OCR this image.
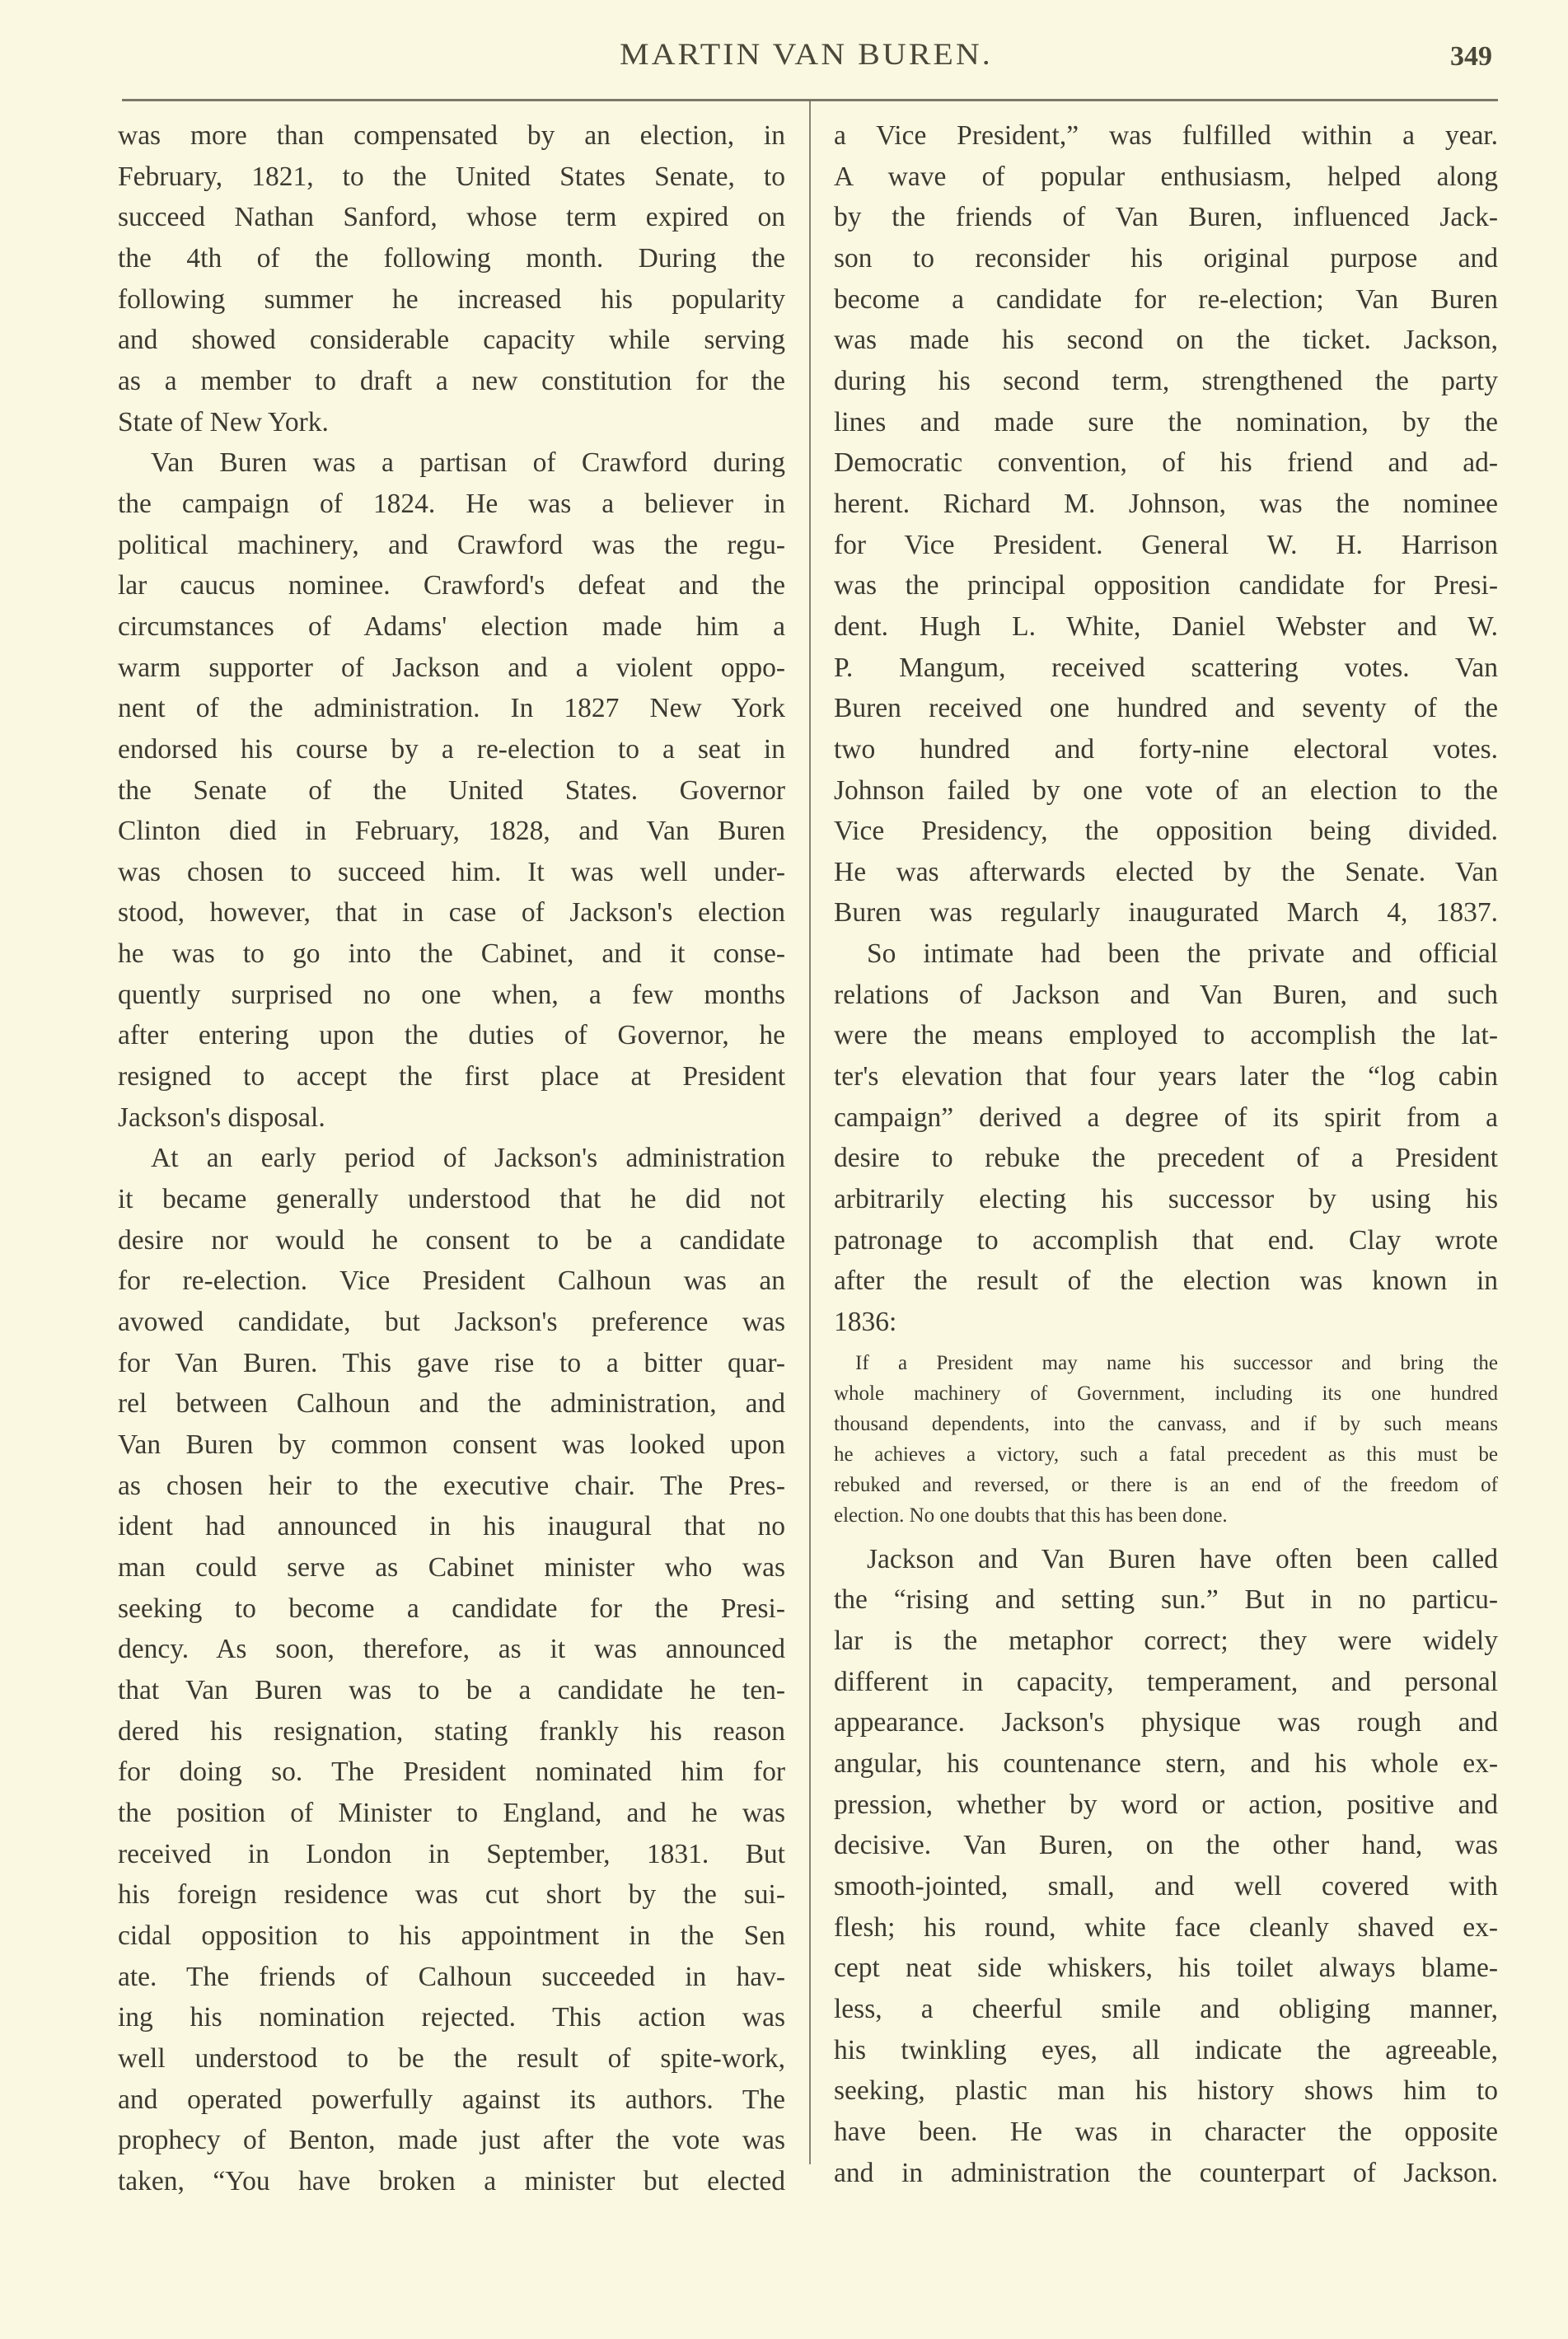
MARTIN VAN BUREN.	349
was more than compensated by an election, in
February, 1821, to the United States Senate, to
succeed Nathan Sanford, whose term expired on
the 4th of the following month. During the
following summer he increased his popularity
and showed considerable capacity while serving
as a member to draft a new constitution for the
State of New York.
Van Buren was a partisan of Crawford during
the campaign of 1824. He was a believer in
political machinery, and Crawford was the regu-
lar caucus nominee. Crawford's defeat and the
circumstances of Adams' election made him a
warm supporter of Jackson and a violent oppo-
nent of the administration. In 1827 New York
endorsed his course by a re-election to a seat in
the Senate of the United States. Governor
Clinton died in February, 1828, and Van Buren
was chosen to succeed him. It was well under-
stood, however, that in case of Jackson's election
he was to go into the Cabinet, and it conse-
quently surprised no one when, a few months
after entering upon the duties of Governor, he
resigned to accept the first place at President
Jackson's disposal.
At an early period of Jackson's administration
it became generally understood that he did not
desire nor would he consent to be a candidate
for re-election. Vice President Calhoun was an
avowed candidate, but Jackson's preference was
for Van Buren. This gave rise to a bitter quar-
rel between Calhoun and the administration, and
Van Buren by common consent was looked upon
as chosen heir to the executive chair. The Pres-
ident had announced in his inaugural that no
man could serve as Cabinet minister who was
seeking to become a candidate for the Presi-
dency. As soon, therefore, as it was announced
that Van Buren was to be a candidate he ten-
dered his resignation, stating frankly his reason
for doing so. The President nominated him for
the position of Minister to England, and he was
received in London in September, 1831. But
his foreign residence was cut short by the sui-
cidal opposition to his appointment in the Sen
ate. The friends of Calhoun succeeded in hav-
ing his nomination rejected. This action was
well understood to be the result of spite-work,
and operated powerfully against its authors. The
prophecy of Benton, made just after the vote was
taken, “You have broken a minister but elected
a Vice President,” was fulfilled within a year.
A wave of popular enthusiasm, helped along
by the friends of Van Buren, influenced Jack-
son to reconsider his original purpose and
become a candidate for re-election; Van Buren
was made his second on the ticket. Jackson,
during his second term, strengthened the party
lines and made sure the nomination, by the
Democratic convention, of his friend and ad-
herent. Richard M. Johnson, was the nominee
for Vice President. General W. H. Harrison
was the principal opposition candidate for Presi-
dent. Hugh L. White, Daniel Webster and W.
P. Mangum, received scattering votes. Van
Buren received one hundred and seventy of the
two hundred and forty-nine electoral votes.
Johnson failed by one vote of an election to the
Vice Presidency, the opposition being divided.
He was afterwards elected by the Senate. Van
Buren was regularly inaugurated March 4, 1837.
So intimate had been the private and official
relations of Jackson and Van Buren, and such
were the means employed to accomplish the lat-
ter's elevation that four years later the “log cabin
campaign” derived a degree of its spirit from a
desire to rebuke the precedent of a President
arbitrarily electing his successor by using his
patronage to accomplish that end. Clay wrote
after the result of the election was known in
1836:
If a President may name his successor and bring the
whole machinery of Government, including its one hundred
thousand dependents, into the canvass, and if by such means
he achieves a victory, such a fatal precedent as this must be
rebuked and reversed, or there is an end of the freedom of
election. No one doubts that this has been done.
Jackson and Van Buren have often been called
the “rising and setting sun.” But in no particu-
lar is the metaphor correct; they were widely
different in capacity, temperament, and personal
appearance. Jackson's physique was rough and
angular, his countenance stern, and his whole ex-
pression, whether by word or action, positive and
decisive. Van Buren, on the other hand, was
smooth-jointed, small, and well covered with
flesh; his round, white face cleanly shaved ex-
cept neat side whiskers, his toilet always blame-
less, a cheerful smile and obliging manner,
his twinkling eyes, all indicate the agreeable,
seeking, plastic man his history shows him to
have been. He was in character the opposite
and in administration the counterpart of Jackson.
